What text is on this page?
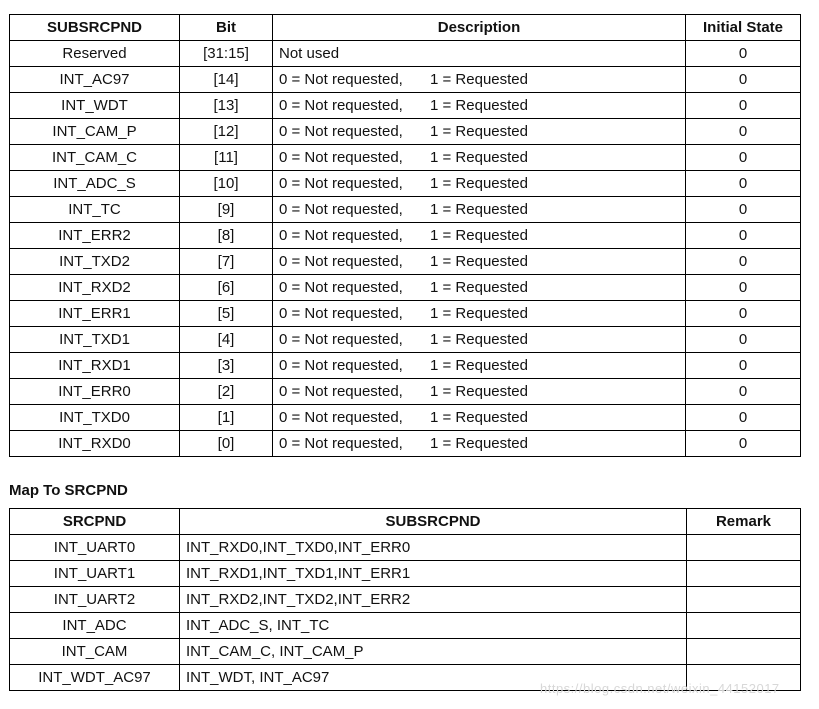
SUBSRCPND	Bit	Description	Initial State
Reserved	[31:15]	Not used	0
INT_AC97	[14]	0 = Not requested, 1 = Requested	0
INT_WDT	[13]	0 = Not requested, 1 = Requested	0
INT_CAM_P	[12]	0 = Not requested, 1 = Requested	0
INT_CAM_C	[11]	0 = Not requested, 1 = Requested	0
INT_ADC_S	[10]	0 = Not requested, 1 = Requested	0
INT_TC	[9]	0 = Not requested, 1 = Requested	0
INT_ERR2	[8]	0 = Not requested, 1 = Requested	0
INT_TXD2	[7]	0 = Not requested, 1 = Requested	0
INT_RXD2	[6]	0 = Not requested, 1 = Requested	0
INT_ERR1	[5]	0 = Not requested, 1 = Requested	0
INT_TXD1	[4]	0 = Not requested, 1 = Requested	0
INT_RXD1	[3]	0 = Not requested, 1 = Requested	0
INT_ERR0	[2]	0 = Not requested, 1 = Requested	0
INT_TXD0	[1]	0 = Not requested, 1 = Requested	0
INT_RXD0	[0]	0 = Not requested, 1 = Requested	0
Map To SRCPND
SRCPND	SUBSRCPND	Remark
INT_UART0	INT_RXD0,INT_TXD0,INT_ERR0	
INT_UART1	INT_RXD1,INT_TXD1,INT_ERR1	
INT_UART2	INT_RXD2,INT_TXD2,INT_ERR2	
INT_ADC	INT_ADC_S, INT_TC	
INT_CAM	INT_CAM_C, INT_CAM_P	
INT_WDT_AC97	INT_WDT, INT_AC97	
https://blog.csdn.net/weixin_44152017
